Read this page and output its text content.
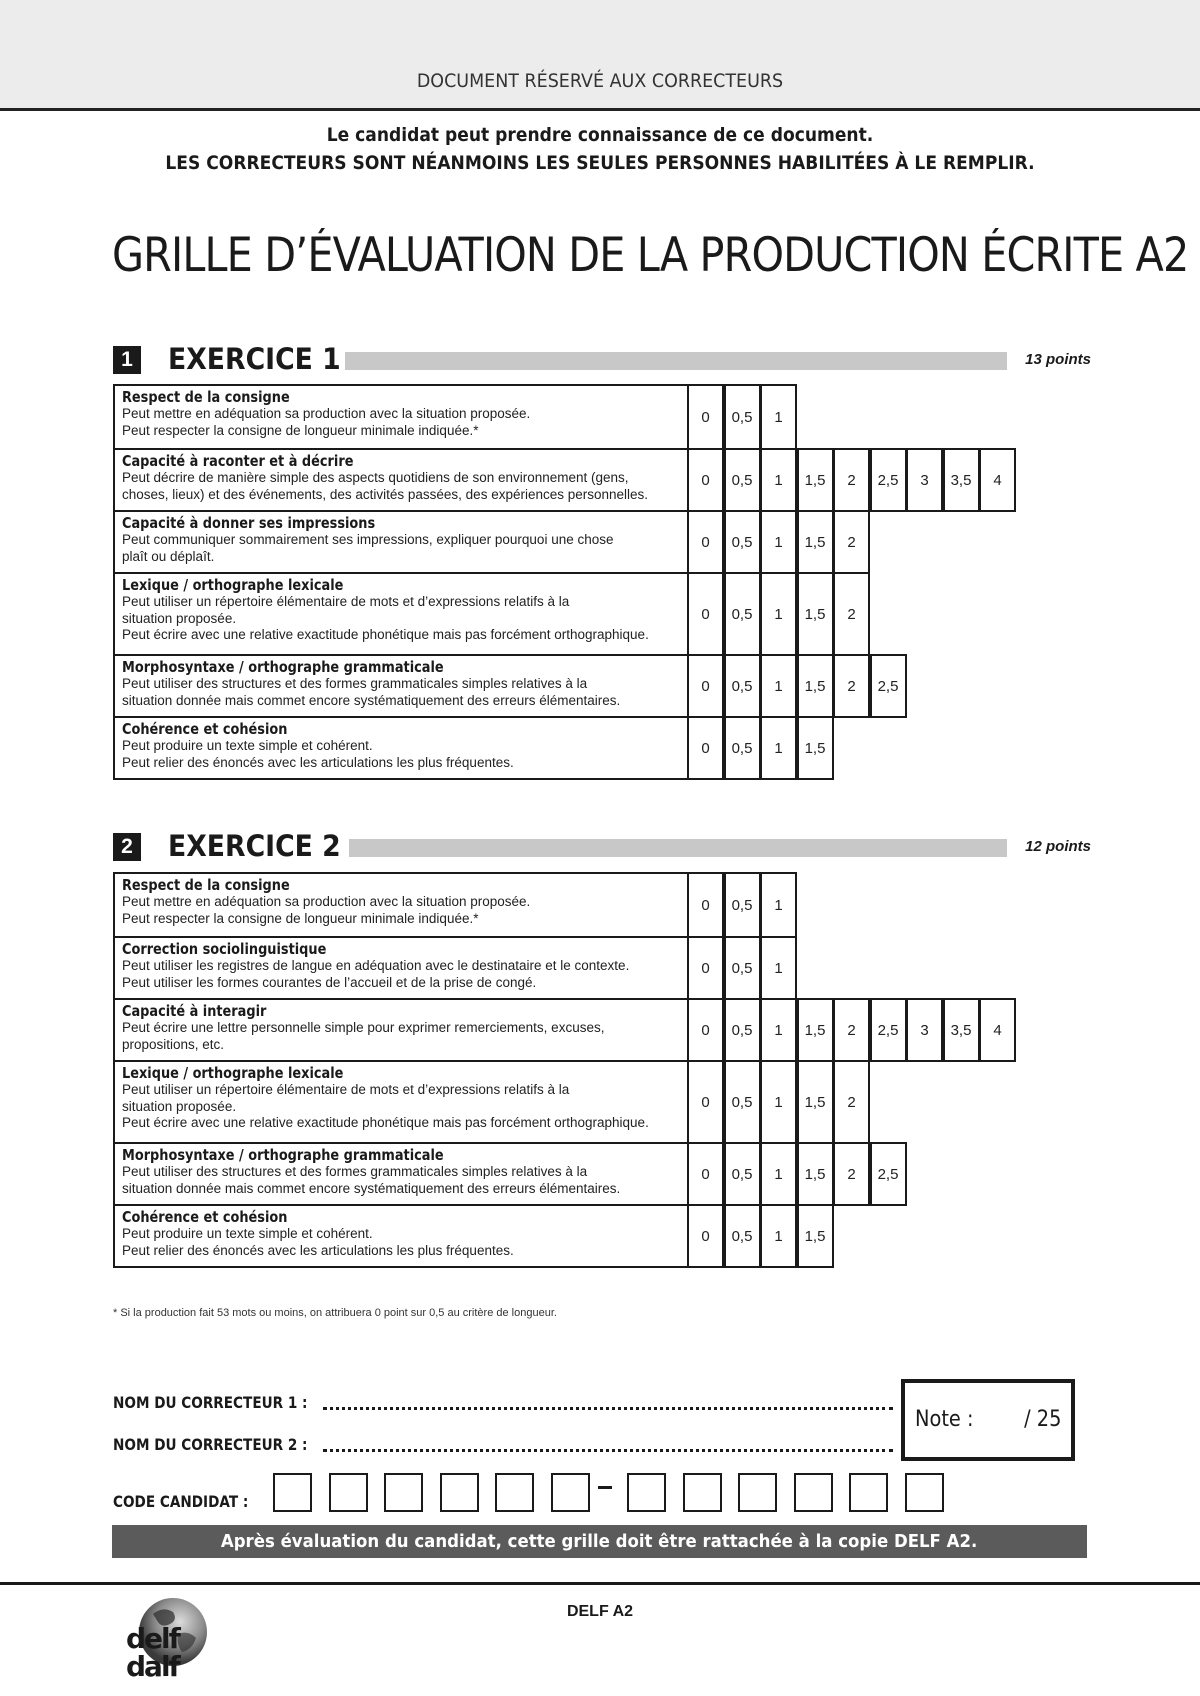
DOCUMENT RÉSERVÉ AUX CORRECTEURS
Le candidat peut prendre connaissance de ce document.
LES CORRECTEURS SONT NÉANMOINS LES SEULES PERSONNES HABILITÉES À LE REMPLIR.
GRILLE D’ÉVALUATION DE LA PRODUCTION ÉCRITE A2
1 EXERCICE 1	13 points
Respect de la consigne
Peut mettre en adéquation sa production avec la situation proposée.
Peut respecter la consigne de longueur minimale indiquée.*
0	0,5	1
Capacité à raconter et à décrire
Peut décrire de manière simple des aspects quotidiens de son environnement (gens,
choses, lieux) et des événements, des activités passées, des expériences personnelles.
0	0,5	1	1,5	2	2,5	3	3,5	4
Capacité à donner ses impressions
Peut communiquer sommairement ses impressions, expliquer pourquoi une chose
plaît ou déplaît.
0	0,5	1	1,5	2
Lexique / orthographe lexicale
Peut utiliser un répertoire élémentaire de mots et d’expressions relatifs à la
situation proposée.
Peut écrire avec une relative exactitude phonétique mais pas forcément orthographique.
0	0,5	1	1,5	2
Morphosyntaxe / orthographe grammaticale
Peut utiliser des structures et des formes grammaticales simples relatives à la
situation donnée mais commet encore systématiquement des erreurs élémentaires.
0	0,5	1	1,5	2	2,5
Cohérence et cohésion
Peut produire un texte simple et cohérent.
Peut relier des énoncés avec les articulations les plus fréquentes.
0	0,5	1	1,5
2 EXERCICE 2	12 points
Respect de la consigne
Peut mettre en adéquation sa production avec la situation proposée.
Peut respecter la consigne de longueur minimale indiquée.*
0	0,5	1
Correction sociolinguistique
Peut utiliser les registres de langue en adéquation avec le destinataire et le contexte.
Peut utiliser les formes courantes de l’accueil et de la prise de congé.
0	0,5	1
Capacité à interagir
Peut écrire une lettre personnelle simple pour exprimer remerciements, excuses,
propositions, etc.
0	0,5	1	1,5	2	2,5	3	3,5	4
Lexique / orthographe lexicale
Peut utiliser un répertoire élémentaire de mots et d’expressions relatifs à la
situation proposée.
Peut écrire avec une relative exactitude phonétique mais pas forcément orthographique.
0	0,5	1	1,5	2
Morphosyntaxe / orthographe grammaticale
Peut utiliser des structures et des formes grammaticales simples relatives à la
situation donnée mais commet encore systématiquement des erreurs élémentaires.
0	0,5	1	1,5	2	2,5
Cohérence et cohésion
Peut produire un texte simple et cohérent.
Peut relier des énoncés avec les articulations les plus fréquentes.
0	0,5	1	1,5
* Si la production fait 53 mots ou moins, on attribuera 0 point sur 0,5 au critère de longueur.
NOM DU CORRECTEUR 1 :
NOM DU CORRECTEUR 2 :
Note : / 25
CODE CANDIDAT :
Après évaluation du candidat, cette grille doit être rattachée à la copie DELF A2.
DELF A2
delf
dalf
